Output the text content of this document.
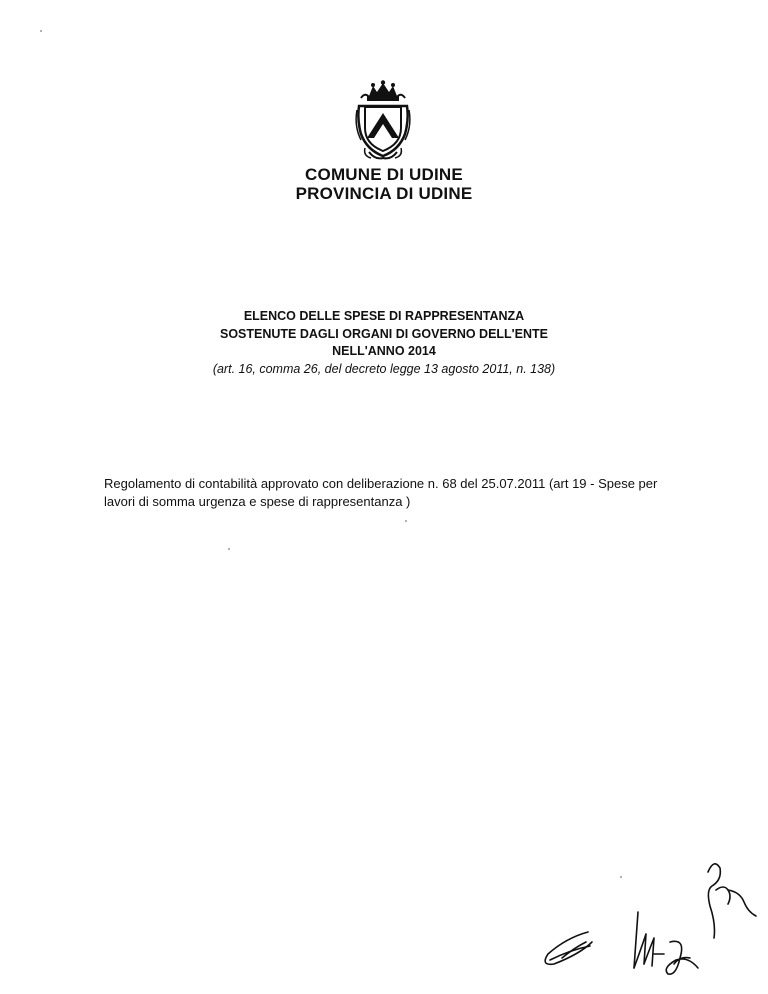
COMUNE DI UDINE
PROVINCIA DI UDINE
ELENCO DELLE SPESE DI RAPPRESENTANZA
SOSTENUTE DAGLI ORGANI DI GOVERNO DELL'ENTE
NELL'ANNO 2014
(art. 16, comma 26, del decreto legge 13 agosto 2011, n. 138)
Regolamento di contabilità approvato con deliberazione n. 68 del 25.07.2011 (art 19 - Spese per
lavori di somma urgenza e spese di rappresentanza )
